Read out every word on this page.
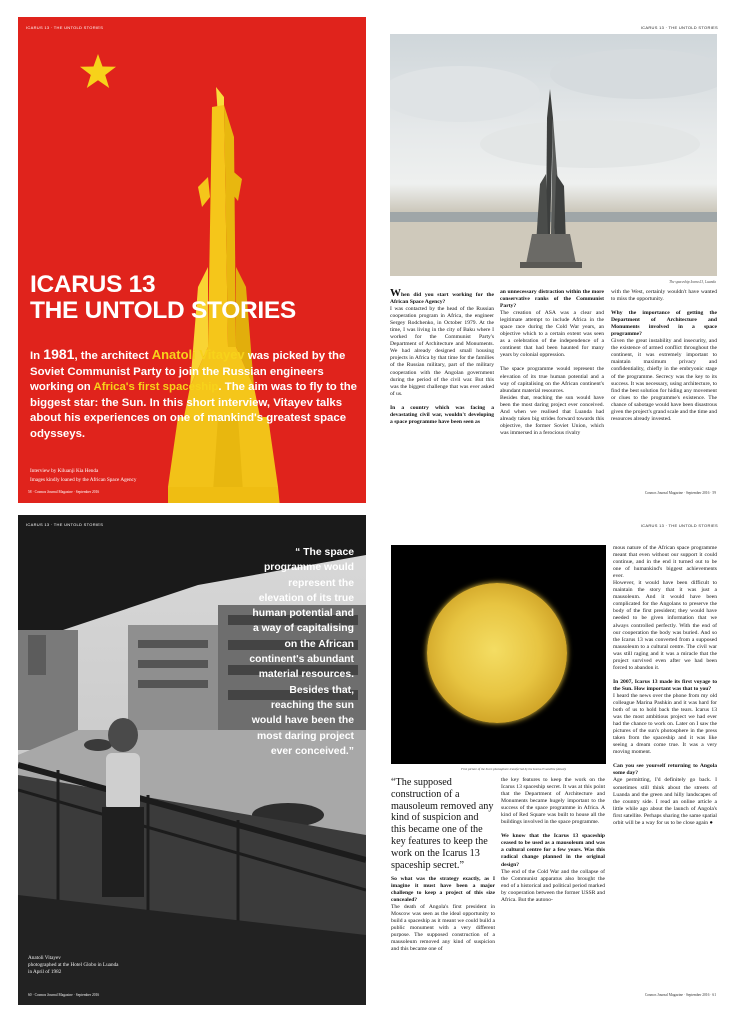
ICARUS 13 · THE UNTOLD STORIES
ICARUS 13
THE UNTOLD STORIES
In 1981, the architect Anatoli Vitayev was picked by the Soviet Communist Party to join the Russian engineers working on Africa's first spaceship. The aim was to fly to the biggest star: the Sun. In this short interview, Vitayev talks about his experiences on one of mankind's greatest space odysseys.
Interview by Kiluanji Kia Henda
Images kindly loaned by the African Space Agency
58 · Cosmos Journal Magazine · September 2016
ICARUS 13 · THE UNTOLD STORIES
The spaceship Icarus13, Luanda

When did you start working for the African Space Agency?
I was contacted by the head of the Russian cooperation program in Africa, the engineer Sergey Rodchenko, in October 1979. At the time, I was living in the city of Baku where I worked for the Communist Party's Department of Architecture and Monuments. We had already designed small housing projects in Africa by that time for the families of the Russian military, part of the military cooperation with the Angolan government during the period of the civil war. But this was the biggest challenge that was ever asked of us.

In a country which was facing a devastating civil war, wouldn't developing a space programme have been seen as

an unnecessary distraction within the more conservative ranks of the Communist Party?
The creation of ASA was a clear and legitimate attempt to include Africa in the space race during the Cold War years, an objective which to a certain extent was seen as a celebration of the independence of a continent that had been haunted for many years by colonial oppression.

The space programme would represent the elevation of its true human potential and a way of capitalising on the African continent's abundant material resources.

Besides that, reaching the sun would have been the most daring project ever conceived. And when we realised that Luanda had already taken big strides forward towards this objective, the former Soviet Union, which was immersed in a ferocious rivalry

with the West, certainly wouldn't have wanted to miss the opportunity.

Why the importance of getting the Department of Architecture and Monuments involved in a space programme?
Given the great instability and insecurity, and the existence of armed conflict throughout the continent, it was extremely important to maintain maximum privacy and confidentiality, chiefly in the embryonic stage of the programme. Secrecy was the key to its success. It was necessary, using architecture, to find the best solution for hiding any movement or clues to the programme's existence. The chance of sabotage would have been disastrous given the project's grand scale and the time and resources already invested.

Cosmos Journal Magazine · September 2016 · 59
ICARUS 13 · THE UNTOLD STORIES
“ The space programme would represent the elevation of its true human potential and a way of capitalising on the African continent's abundant material resources. Besides that, reaching the sun would have been the most daring project ever conceived.”
Anatoli Vitayev
photographed at the Hotel Globo in Luanda
in April of 1982
60 · Cosmos Journal Magazine · September 2016
ICARUS 13 · THE UNTOLD STORIES
First picture of the Sun's photosphere transferred by the Icarus13 satellite (detail).
“The supposed construction of a mausoleum removed any kind of suspicion and this became one of the key features to keep the work on the Icarus 13 spaceship secret.”

So what was the strategy exactly, as I imagine it must have been a major challenge to keep a project of this size concealed?
The death of Angola's first president in Moscow was seen as the ideal opportunity to build a spaceship as it meant we could build a public monument with a very different purpose. The supposed construction of a mausoleum removed any kind of suspicion and this became one of

the key features to keep the work on the Icarus 13 spaceship secret. It was at this point that the Department of Architecture and Monuments became hugely important to the success of the space programme in Africa. A kind of Red Square was built to house all the buildings involved in the space programme.

We know that the Icarus 13 spaceship ceased to be used as a mausoleum and was a cultural centre for a few years. Was this radical change planned in the original design?
The end of the Cold War and the collapse of the Communist apparatus also brought the end of a historical and political period marked by cooperation between the former USSR and Africa. But the autono-

mous nature of the African space programme meant that even without our support it could continue, and in the end it turned out to be one of humankind's biggest achievements ever.

However, it would have been difficult to maintain the story that it was just a mausoleum. And it would have been complicated for the Angolans to preserve the body of the first president; they would have needed to be given information that we always controlled perfectly. With the end of our cooperation the body was buried. And so the Icarus 13 was converted from a supposed mausoleum to a cultural centre. The civil war was still raging and it was a miracle that the project survived even after we had been forced to abandon it.

In 2007, Icarus 13 made its first voyage to the Sun. How important was that to you?
I heard the news over the phone from my old colleague Marina Pashkin and it was hard for both of us to hold back the tears. Icarus 13 was the most ambitious project we had ever had the chance to work on. Later on I saw the pictures of the sun's photosphere in the press taken from the spaceship and it was like seeing a dream come true. It was a very moving moment.

Can you see yourself returning to Angola some day?
Age permitting, I'd definitely go back. I sometimes still think about the streets of Luanda and the green and hilly landscapes of the country side. I read an online article a little while ago about the launch of Angola's first satellite. Perhaps sharing the same spatial orbit will be a way for us to be close again ●

Cosmos Journal Magazine · September 2016 · 61
